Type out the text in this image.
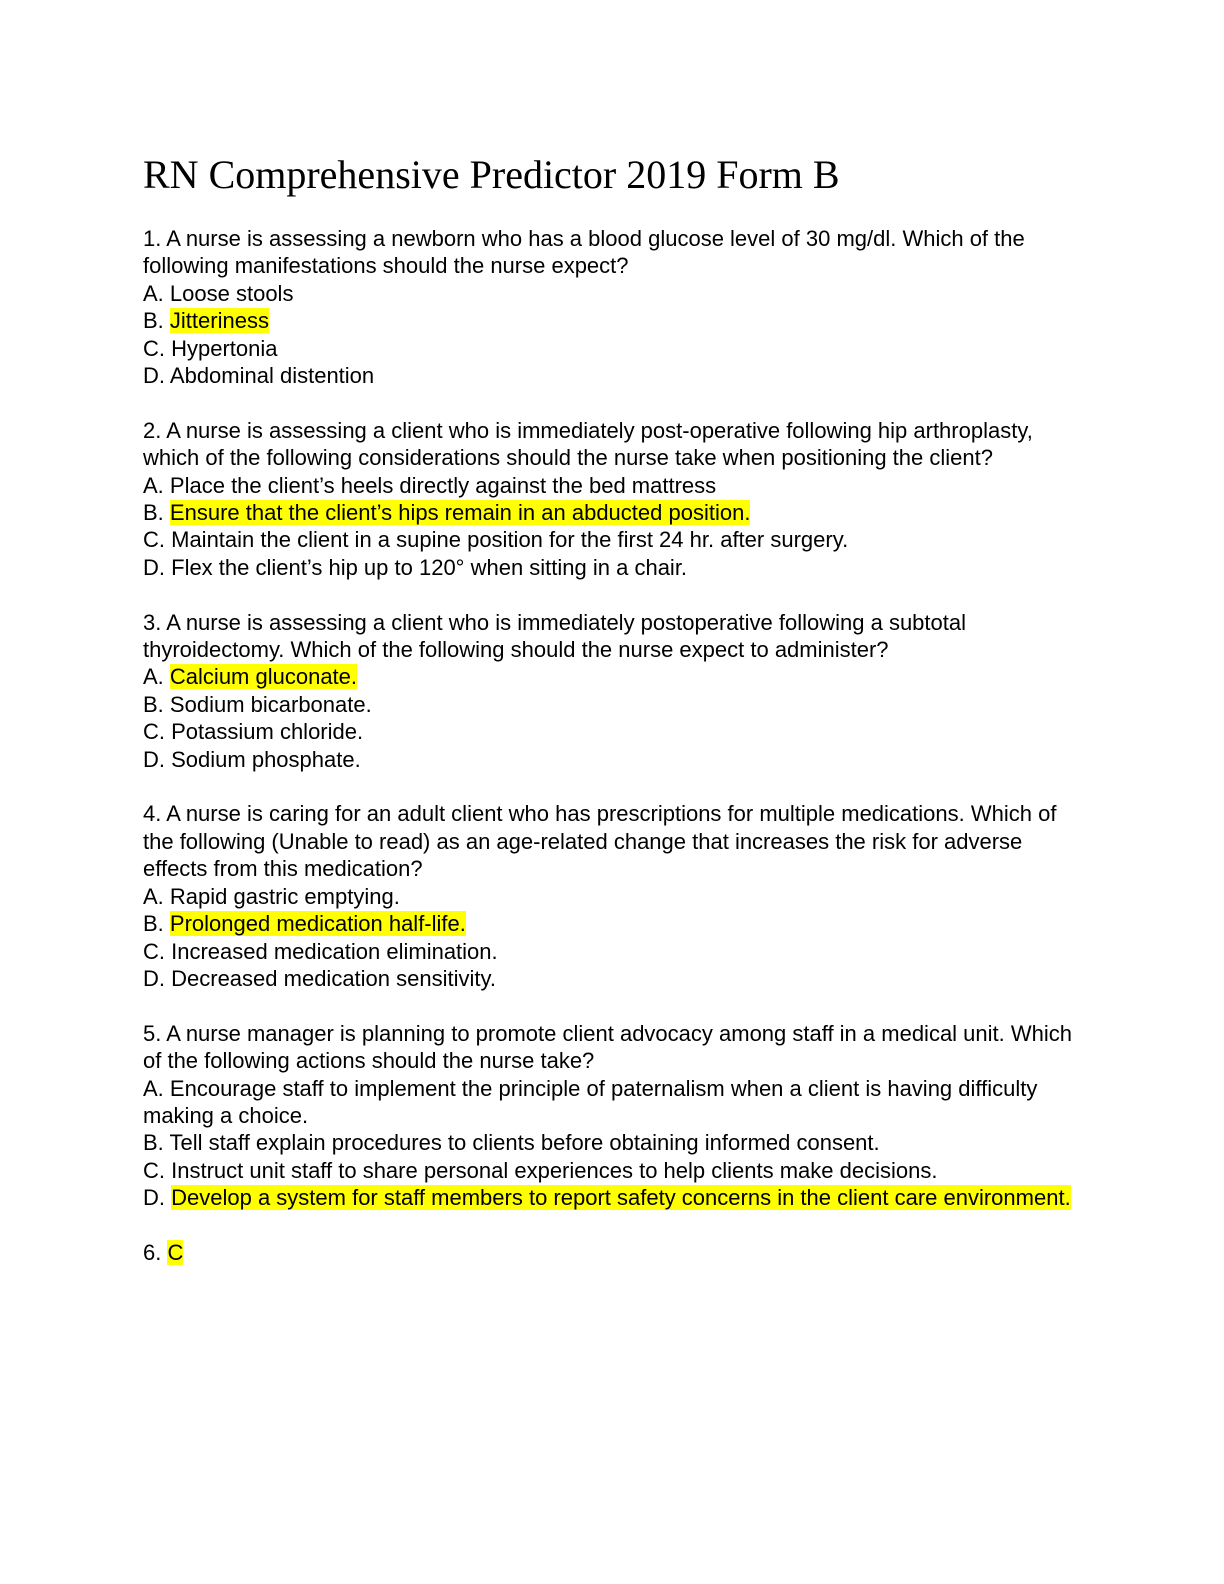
RN Comprehensive Predictor 2019 Form B

1. A nurse is assessing a newborn who has a blood glucose level of 30 mg/dl. Which of the following manifestations should the nurse expect?

A. Loose stools
B. Jitteriness
C. Hypertonia
D. Abdominal distention

2. A nurse is assessing a client who is immediately post-operative following hip arthroplasty, which of the following considerations should the nurse take when positioning the client?

A. Place the client’s heels directly against the bed mattress
B. Ensure that the client’s hips remain in an abducted position.
C. Maintain the client in a supine position for the first 24 hr. after surgery.
D. Flex the client’s hip up to 120° when sitting in a chair.

3. A nurse is assessing a client who is immediately postoperative following a subtotal thyroidectomy. Which of the following should the nurse expect to administer?

A. Calcium gluconate.
B. Sodium bicarbonate.
C. Potassium chloride.
D. Sodium phosphate.

4. A nurse is caring for an adult client who has prescriptions for multiple medications. Which of the following (Unable to read) as an age-related change that increases the risk for adverse effects from this medication?

A. Rapid gastric emptying.
B. Prolonged medication half-life.
C. Increased medication elimination.
D. Decreased medication sensitivity.

5. A nurse manager is planning to promote client advocacy among staff in a medical unit. Which of the following actions should the nurse take?

A. Encourage staff to implement the principle of paternalism when a client is having difficulty making a choice.
B. Tell staff explain procedures to clients before obtaining informed consent.
C. Instruct unit staff to share personal experiences to help clients make decisions.
D. Develop a system for staff members to report safety concerns in the client care environment.
6. C
